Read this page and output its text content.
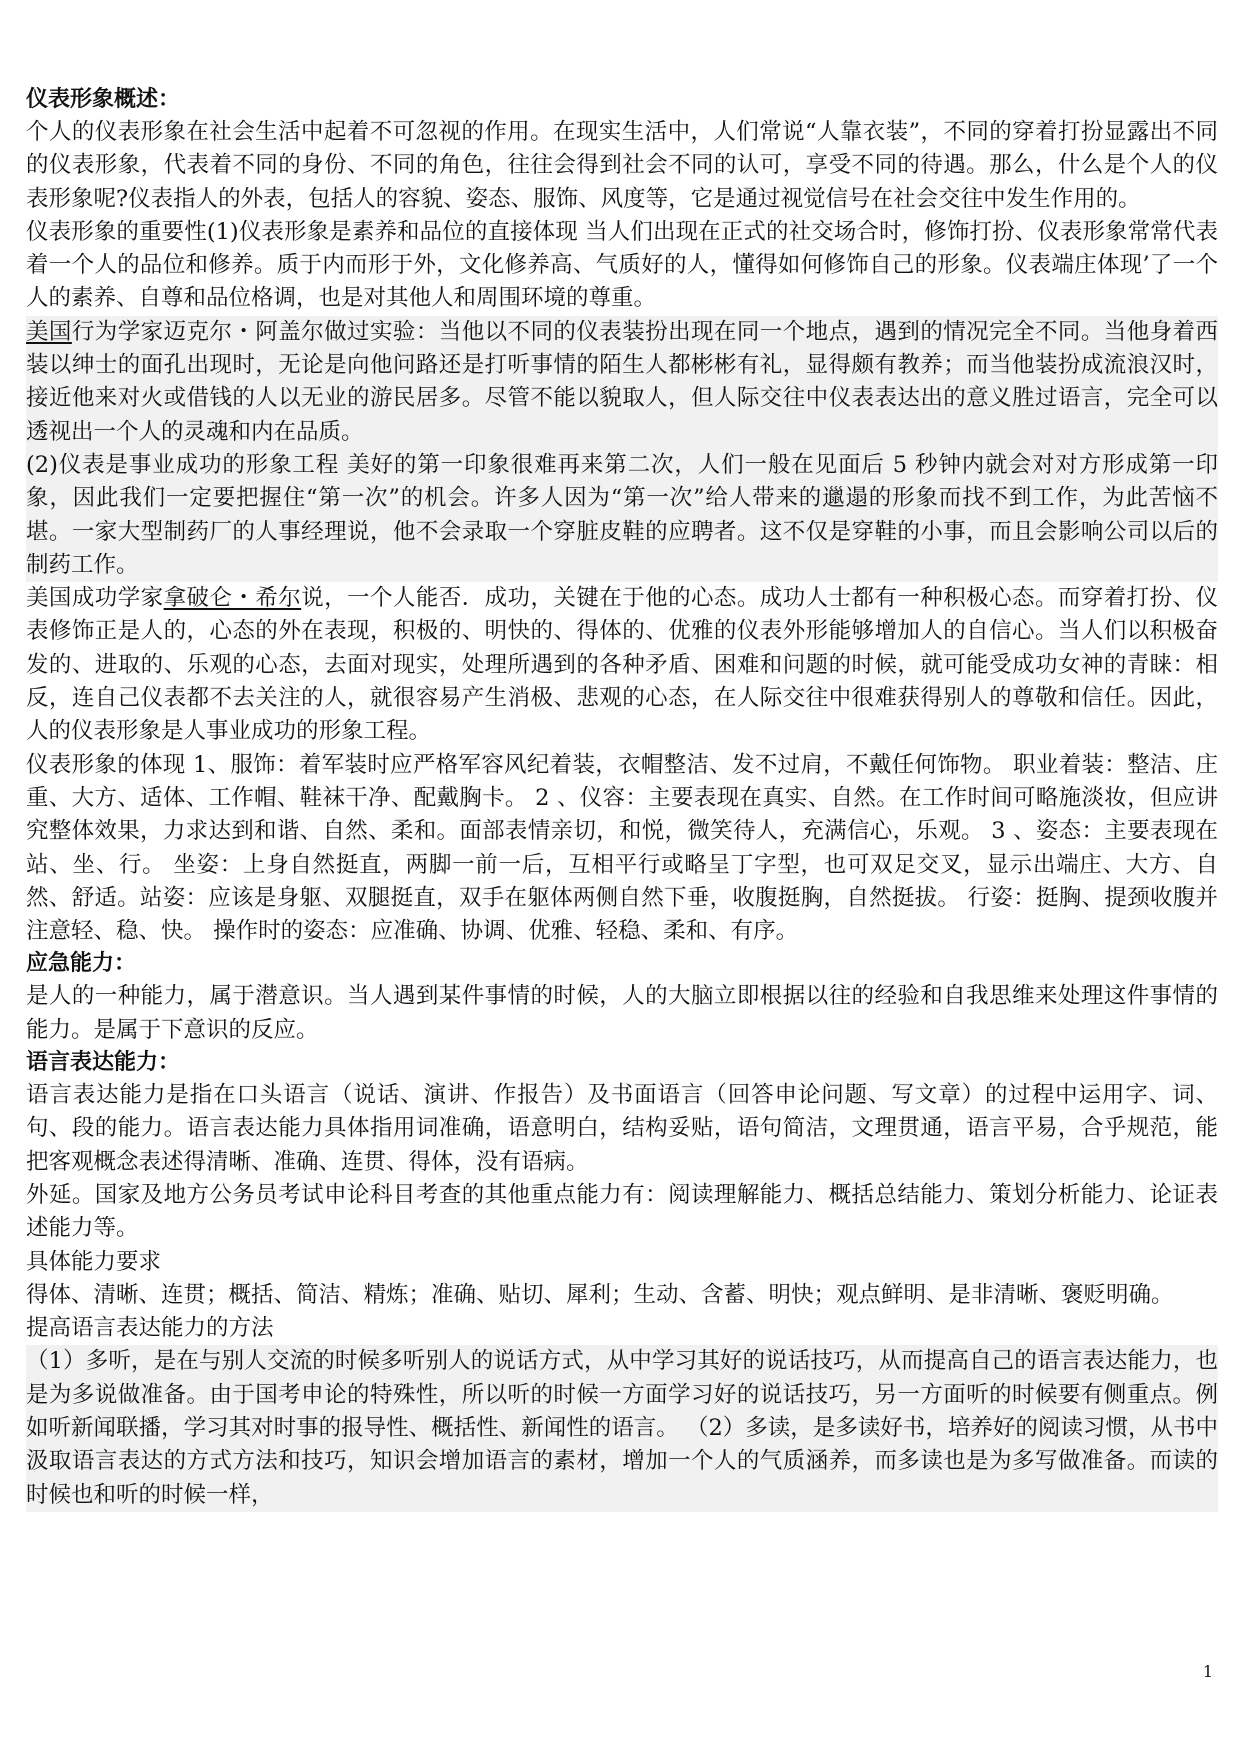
仪表形象概述：

个人的仪表形象在社会生活中起着不可忽视的作用。在现实生活中，人们常说“人靠衣装”，不同的穿着打扮显露出不同的仪表形象，代表着不同的身份、不同的角色，往往会得到社会不同的认可，享受不同的待遇。那么，什么是个人的仪表形象呢?仪表指人的外表，包括人的容貌、姿态、服饰、风度等，它是通过视觉信号在社会交往中发生作用的。

仪表形象的重要性(1)仪表形象是素养和品位的直接体现 当人们出现在正式的社交场合时，修饰打扮、仪表形象常常代表着一个人的品位和修养。质于内而形于外，文化修养高、气质好的人，懂得如何修饰自己的形象。仪表端庄体现’了一个人的素养、自尊和品位格调，也是对其他人和周围环境的尊重。

美国行为学家迈克尔・阿盖尔做过实验：当他以不同的仪表装扮出现在同一个地点，遇到的情况完全不同。当他身着西装以绅士的面孔出现时，无论是向他问路还是打听事情的陌生人都彬彬有礼，显得颇有教养；而当他装扮成流浪汉时，接近他来对火或借钱的人以无业的游民居多。尽管不能以貌取人，但人际交往中仪表表达出的意义胜过语言，完全可以透视出一个人的灵魂和内在品质。

(2)仪表是事业成功的形象工程 美好的第一印象很难再来第二次，人们一般在见面后 5 秒钟内就会对对方形成第一印象，因此我们一定要把握住“第一次”的机会。许多人因为“第一次”给人带来的邋遢的形象而找不到工作，为此苦恼不堪。一家大型制药厂的人事经理说，他不会录取一个穿脏皮鞋的应聘者。这不仅是穿鞋的小事，而且会影响公司以后的制药工作。

美国成功学家拿破仑・希尔说，一个人能否．成功，关键在于他的心态。成功人士都有一种积极心态。而穿着打扮、仪表修饰正是人的，心态的外在表现，积极的、明快的、得体的、优雅的仪表外形能够增加人的自信心。当人们以积极奋发的、进取的、乐观的心态，去面对现实，处理所遇到的各种矛盾、困难和问题的时候，就可能受成功女神的青睐：相反，连自己仪表都不去关注的人，就很容易产生消极、悲观的心态，在人际交往中很难获得别人的尊敬和信任。因此，人的仪表形象是人事业成功的形象工程。

仪表形象的体现 1、服饰：着军装时应严格军容风纪着装，衣帽整洁、发不过肩，不戴任何饰物。 职业着装：整洁、庄重、大方、适体、工作帽、鞋袜干净、配戴胸卡。 2 、仪容：主要表现在真实、自然。在工作时间可略施淡妆，但应讲究整体效果，力求达到和谐、自然、柔和。面部表情亲切，和悦，微笑待人，充满信心，乐观。 3 、姿态：主要表现在站、坐、行。 坐姿：上身自然挺直，两脚一前一后，互相平行或略呈丁字型，也可双足交叉，显示出端庄、大方、自然、舒适。站姿：应该是身躯、双腿挺直，双手在躯体两侧自然下垂，收腹挺胸，自然挺拔。 行姿：挺胸、提颈收腹并注意轻、稳、快。 操作时的姿态：应准确、协调、优雅、轻稳、柔和、有序。

应急能力：

是人的一种能力，属于潜意识。当人遇到某件事情的时候，人的大脑立即根据以往的经验和自我思维来处理这件事情的能力。是属于下意识的反应。

语言表达能力：

语言表达能力是指在口头语言（说话、演讲、作报告）及书面语言（回答申论问题、写文章）的过程中运用字、词、句、段的能力。语言表达能力具体指用词准确，语意明白，结构妥贴，语句简洁，文理贯通，语言平易，合乎规范，能把客观概念表述得清晰、准确、连贯、得体，没有语病。

外延。国家及地方公务员考试申论科目考查的其他重点能力有：阅读理解能力、概括总结能力、策划分析能力、论证表述能力等。

具体能力要求

得体、清晰、连贯；概括、简洁、精炼；准确、贴切、犀利；生动、含蓄、明快；观点鲜明、是非清晰、褒贬明确。

提高语言表达能力的方法

（1）多听，是在与别人交流的时候多听别人的说话方式，从中学习其好的说话技巧，从而提高自己的语言表达能力，也是为多说做准备。由于国考申论的特殊性，所以听的时候一方面学习好的说话技巧，另一方面听的时候要有侧重点。例如听新闻联播，学习其对时事的报导性、概括性、新闻性的语言。 （2）多读，是多读好书，培养好的阅读习惯，从书中汲取语言表达的方式方法和技巧，知识会增加语言的素材，增加一个人的气质涵养，而多读也是为多写做准备。而读的时候也和听的时候一样，

1
